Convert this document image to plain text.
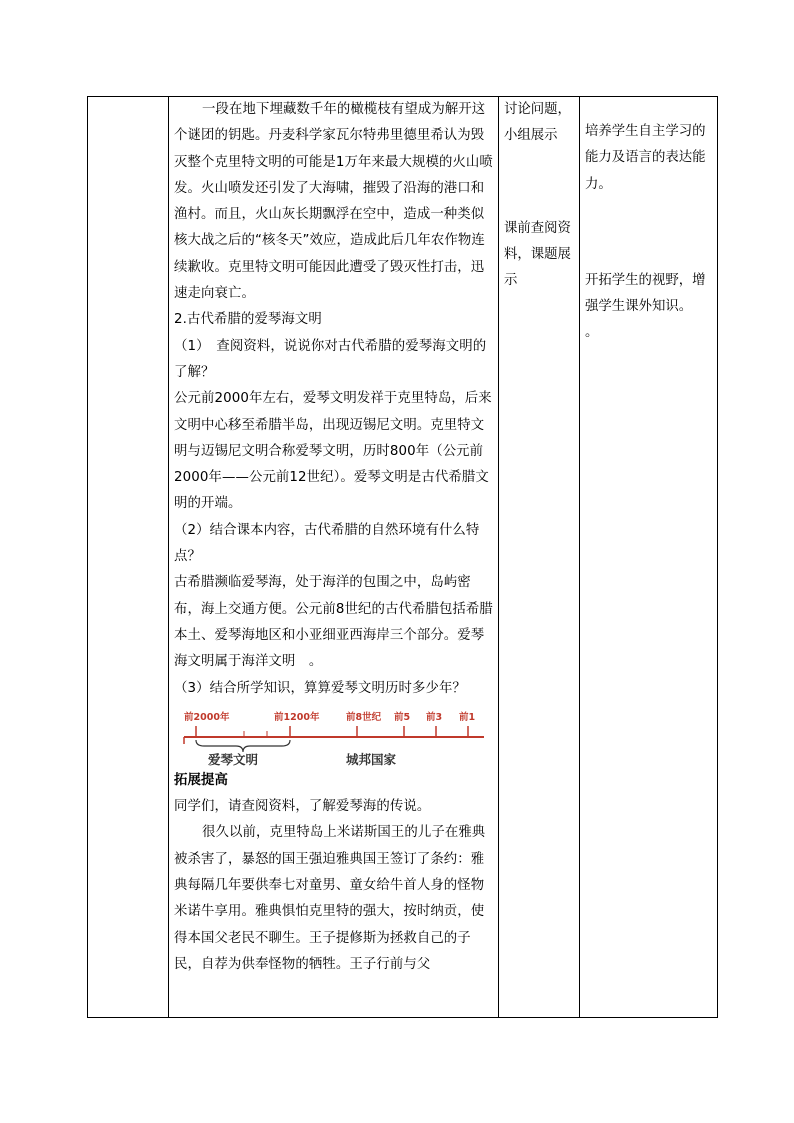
一段在地下埋藏数千年的橄榄枝有望成为解开这个谜团的钥匙。丹麦科学家瓦尔特弗里德里希认为毁灭整个克里特文明的可能是1万年来最大规模的火山喷发。火山喷发还引发了大海啸，摧毁了沿海的港口和渔村。而且，火山灰长期飘浮在空中，造成一种类似核大战之后的“核冬天”效应，造成此后几年农作物连续歉收。克里特文明可能因此遭受了毁灭性打击，迅速走向衰亡。

2.古代希腊的爱琴海文明

（1）　查阅资料，说说你对古代希腊的爱琴海文明的了解？

公元前2000年左右，爱琴文明发祥于克里特岛，后来文明中心移至希腊半岛，出现迈锡尼文明。克里特文明与迈锡尼文明合称爱琴文明，历时800年（公元前2000年——公元前12世纪）。爱琴文明是古代希腊文明的开端。

（2）结合课本内容，古代希腊的自然环境有什么特点？

古希腊濒临爱琴海，处于海洋的包围之中，岛屿密布，海上交通方便。公元前8世纪的古代希腊包括希腊本土、爱琴海地区和小亚细亚西海岸三个部分。爱琴海文明属于海洋文明　。

（3）结合所学知识，算算爱琴文明历时多少年？

前2000年	前1200年	前8世纪 前5 前3 前1
爱琴文明	城邦国家

拓展提高

同学们，请查阅资料，了解爱琴海的传说。

很久以前，克里特岛上米诺斯国王的儿子在雅典被杀害了，暴怒的国王强迫雅典国王签订了条约：雅典每隔几年要供奉七对童男、童女给牛首人身的怪物米诺牛享用。雅典惧怕克里特的强大，按时纳贡，使得本国父老民不聊生。王子提修斯为拯救自己的子民，自荐为供奉怪物的牺牲。王子行前与父

讨论问题，小组展示

课前查阅资料，课题展示

培养学生自主学习的能力及语言的表达能力。

开拓学生的视野，增强学生课外知识。

。
